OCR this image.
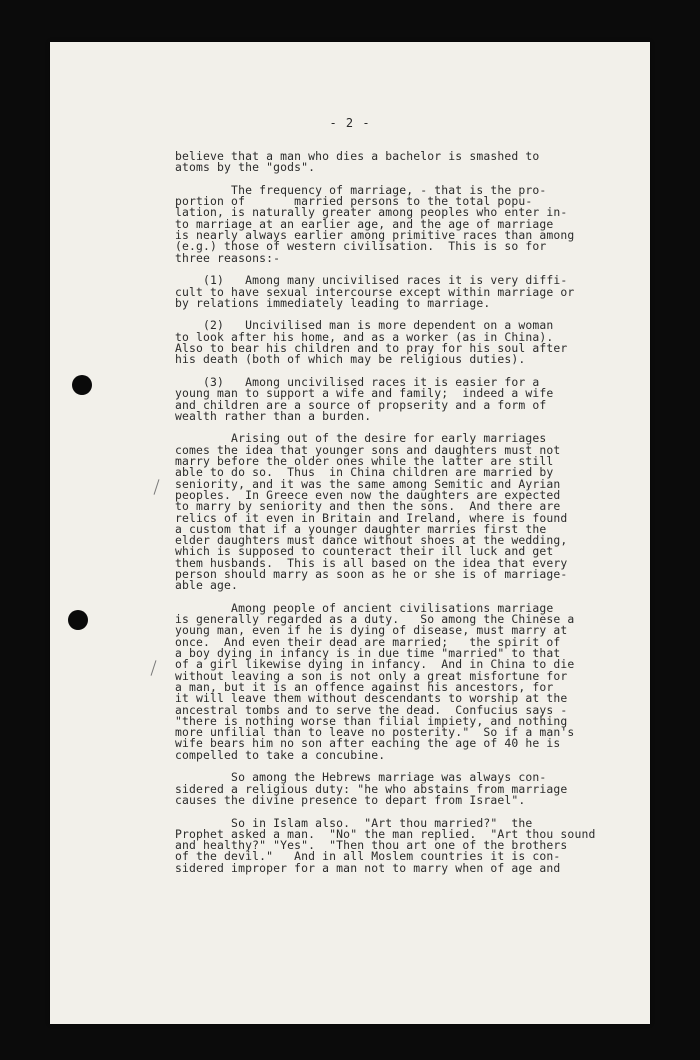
- 2 -
believe that a man who dies a bachelor is smashed to
atoms by the "gods".
The frequency of marriage, - that is the pro-
portion of       married persons to the total popu-
lation, is naturally greater among peoples who enter in-
to marriage at an earlier age, and the age of marriage
is nearly always earlier among primitive races than among
(e.g.) those of western civilisation.  This is so for
three reasons:-
(1)   Among many uncivilised races it is very diffi-
cult to have sexual intercourse except within marriage or
by relations immediately leading to marriage.
(2)   Uncivilised man is more dependent on a woman
to look after his home, and as a worker (as in China).
Also to bear his children and to pray for his soul after
his death (both of which may be religious duties).
(3)   Among uncivilised races it is easier for a
young man to support a wife and family;  indeed a wife
and children are a source of propserity and a form of
wealth rather than a burden.
Arising out of the desire for early marriages
comes the idea that younger sons and daughters must not
marry before the older ones while the latter are still
able to do so.  Thus  in China children are married by
seniority, and it was the same among Semitic and Ayrian
peoples.  In Greece even now the daughters are expected
to marry by seniority and then the sons.  And there are
relics of it even in Britain and Ireland, where is found
a custom that if a younger daughter marries first the
elder daughters must dance without shoes at the wedding,
which is supposed to counteract their ill luck and get
them husbands.  This is all based on the idea that every
person should marry as soon as he or she is of marriage-
able age.
Among people of ancient civilisations marriage
is generally regarded as a duty.   So among the Chinese a
young man, even if he is dying of disease, must marry at
once.  And even their dead are married;   the spirit of
a boy dying in infancy is in due time "married" to that
of a girl likewise dying in infancy.  And in China to die
without leaving a son is not only a great misfortune for
a man, but it is an offence against his ancestors, for
it will leave them without descendants to worship at the
ancestral tombs and to serve the dead.  Confucius says -
"there is nothing worse than filial impiety, and nothing
more unfilial than to leave no posterity."  So if a man's
wife bears him no son after eaching the age of 40 he is
compelled to take a concubine.
So among the Hebrews marriage was always con-
sidered a religious duty: "he who abstains from marriage
causes the divine presence to depart from Israel".
So in Islam also.  "Art thou married?"  the
Prophet asked a man.  "No" the man replied.  "Art thou sound
and healthy?" "Yes".  "Then thou art one of the brothers
of the devil."   And in all Moslem countries it is con-
sidered improper for a man not to marry when of age and
